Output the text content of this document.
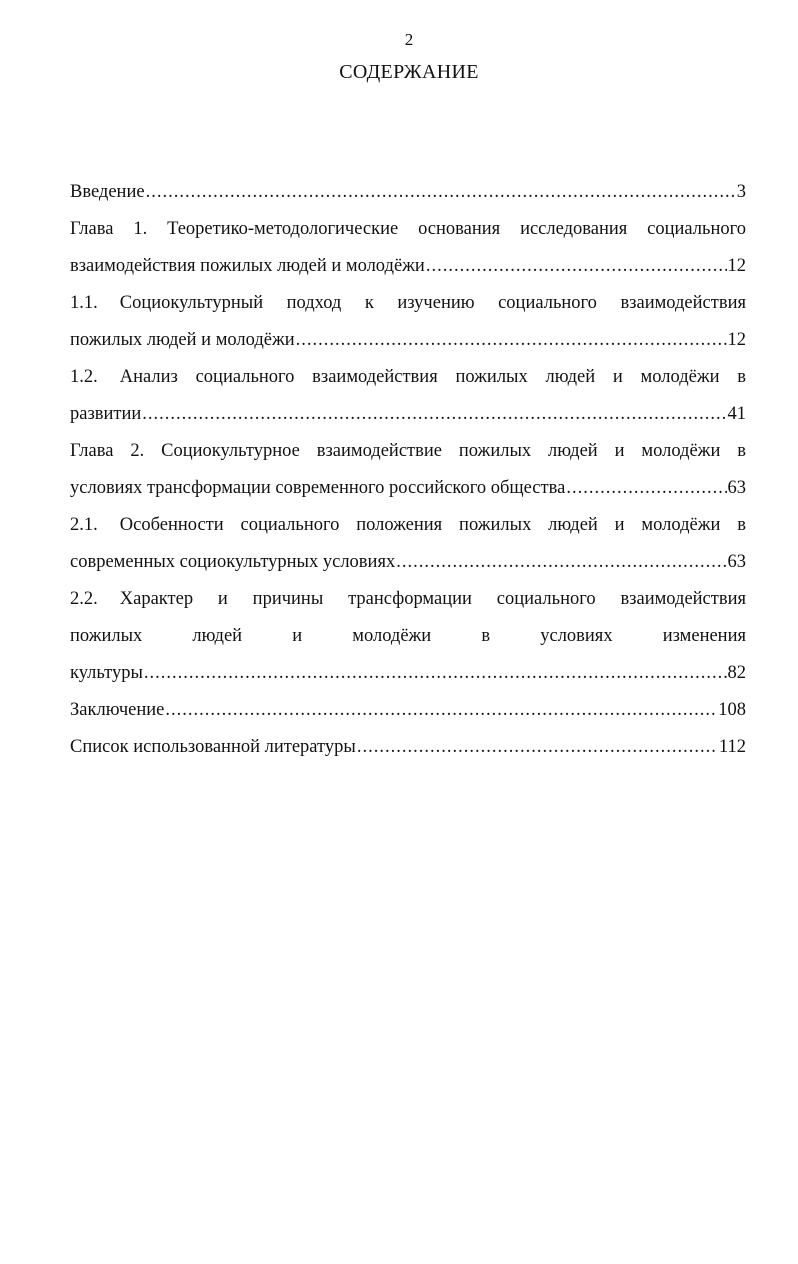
2
СОДЕРЖАНИЕ
Введение .....	3
Глава 1. Теоретико-методологические основания исследования социального
взаимодействия пожилых людей и молодёжи .....	12
1.1. Социокультурный подход к изучению социального взаимодействия
пожилых людей и молодёжи .....	12
1.2. Анализ социального взаимодействия пожилых людей и молодёжи в
развитии .....	41
Глава 2. Социокультурное взаимодействие пожилых людей и молодёжи в
условиях трансформации современного российского общества .....	63
2.1. Особенности социального положения пожилых людей и молодёжи в
современных социокультурных условиях .....	63
2.2. Характер и причины трансформации социального взаимодействия
пожилых людей и молодёжи в условиях изменения
культуры .....	82
Заключение .....	108
Список использованной литературы .....	112
